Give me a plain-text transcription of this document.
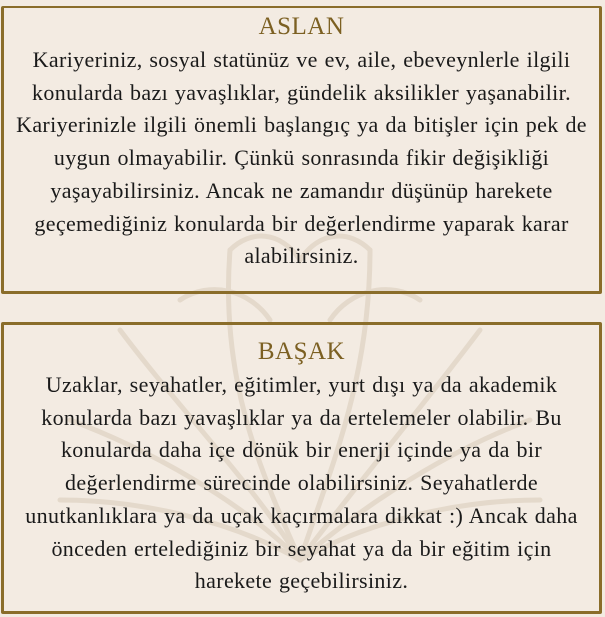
ASLAN

Kariyeriniz, sosyal statünüz ve ev, aile, ebeveynlerle ilgili konularda bazı yavaşlıklar, gündelik aksilikler yaşanabilir. Kariyerinizle ilgili önemli başlangıç ya da bitişler için pek de uygun olmayabilir. Çünkü sonrasında fikir değişikliği yaşayabilirsiniz. Ancak ne zamandır düşünüp harekete geçemediğiniz konularda bir değerlendirme yaparak karar alabilirsiniz.

BAŞAK

Uzaklar, seyahatler, eğitimler, yurt dışı ya da akademik konularda bazı yavaşlıklar ya da ertelemeler olabilir. Bu konularda daha içe dönük bir enerji içinde ya da bir değerlendirme sürecinde olabilirsiniz. Seyahatlerde unutkanlıklara ya da uçak kaçırmalara dikkat :) Ancak daha önceden ertelediğiniz bir seyahat ya da bir eğitim için harekete geçebilirsiniz.
